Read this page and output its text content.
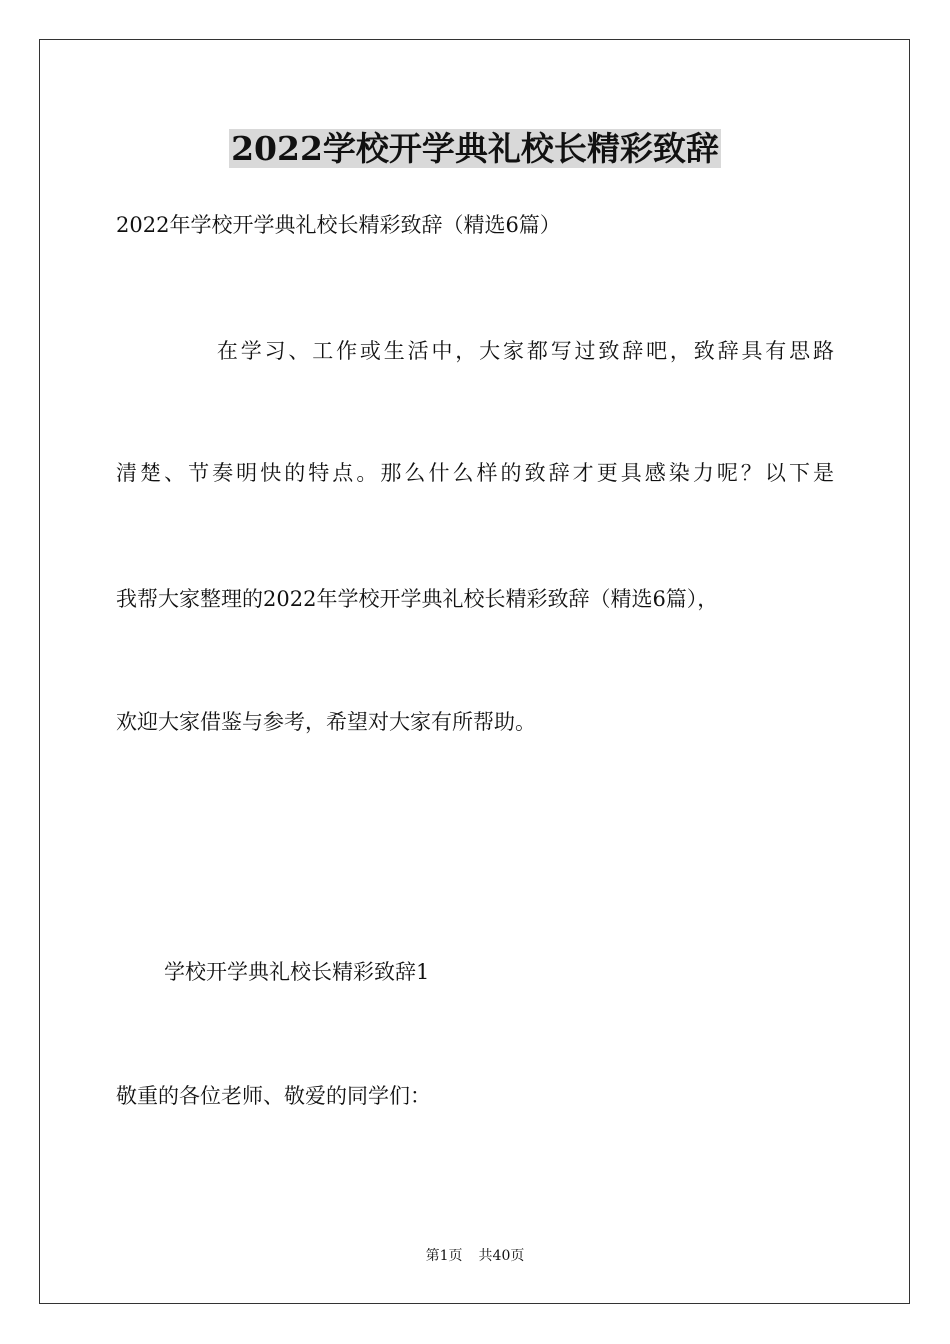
2022学校开学典礼校长精彩致辞

2022年学校开学典礼校长精彩致辞（精选6篇）

在学习、工作或生活中，大家都写过致辞吧，致辞具有思路

清楚、节奏明快的特点。那么什么样的致辞才更具感染力呢？以下是

我帮大家整理的2022年学校开学典礼校长精彩致辞（精选6篇），

欢迎大家借鉴与参考，希望对大家有所帮助。

学校开学典礼校长精彩致辞1

敬重的各位老师、敬爱的同学们：

第1页 共40页
